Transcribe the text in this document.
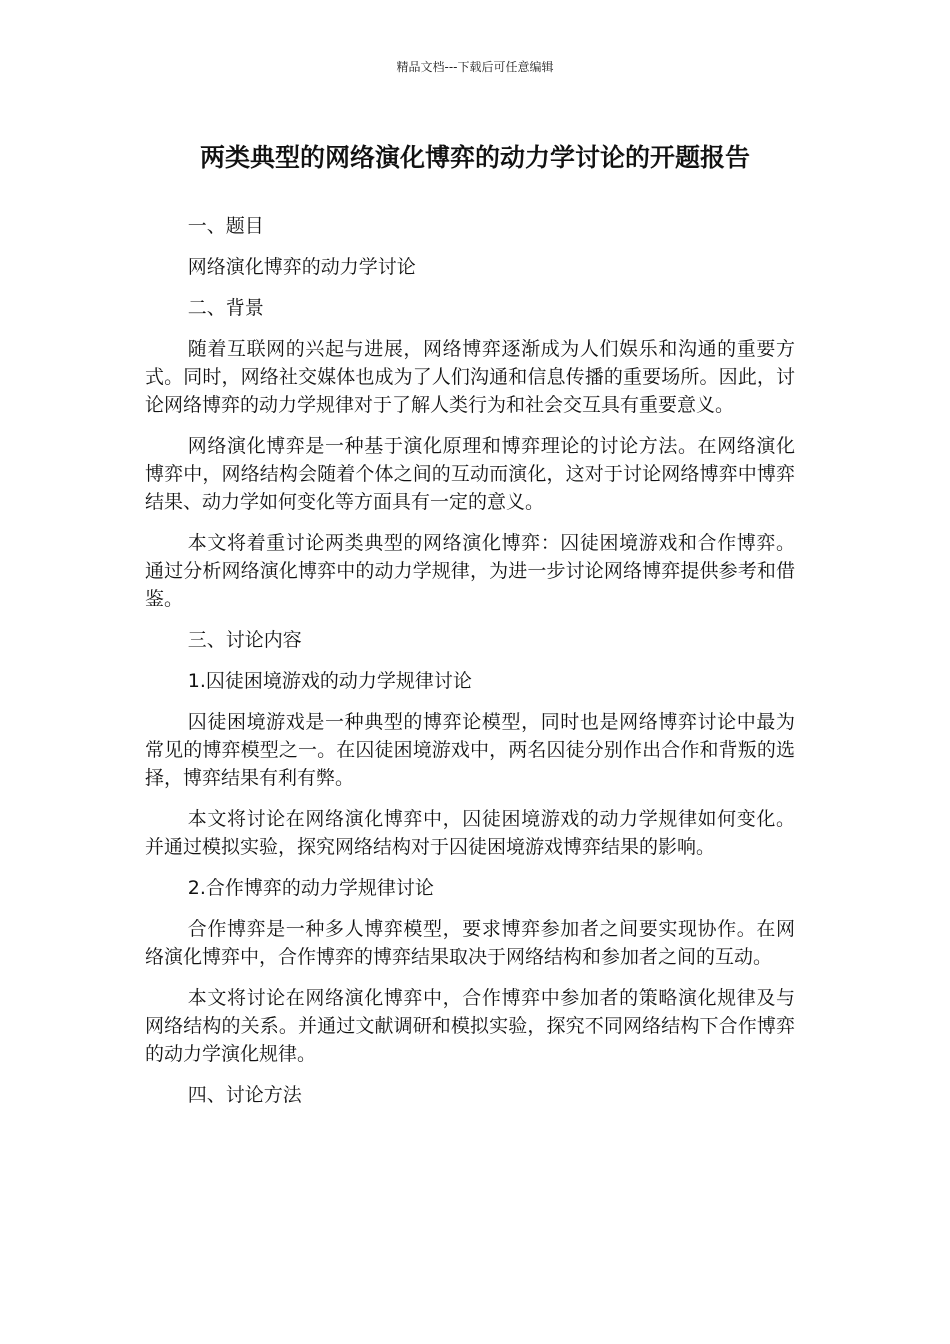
精品文档---下载后可任意编辑
两类典型的网络演化博弈的动力学讨论的开题报告

一、题目

网络演化博弈的动力学讨论

二、背景

随着互联网的兴起与进展，网络博弈逐渐成为人们娱乐和沟通的重要方式。同时，网络社交媒体也成为了人们沟通和信息传播的重要场所。因此，讨论网络博弈的动力学规律对于了解人类行为和社会交互具有重要意义。

网络演化博弈是一种基于演化原理和博弈理论的讨论方法。在网络演化博弈中，网络结构会随着个体之间的互动而演化，这对于讨论网络博弈中博弈结果、动力学如何变化等方面具有一定的意义。

本文将着重讨论两类典型的网络演化博弈：囚徒困境游戏和合作博弈。通过分析网络演化博弈中的动力学规律，为进一步讨论网络博弈提供参考和借鉴。

三、讨论内容

1.囚徒困境游戏的动力学规律讨论

囚徒困境游戏是一种典型的博弈论模型，同时也是网络博弈讨论中最为常见的博弈模型之一。在囚徒困境游戏中，两名囚徒分别作出合作和背叛的选择，博弈结果有利有弊。

本文将讨论在网络演化博弈中，囚徒困境游戏的动力学规律如何变化。并通过模拟实验，探究网络结构对于囚徒困境游戏博弈结果的影响。

2.合作博弈的动力学规律讨论

合作博弈是一种多人博弈模型，要求博弈参加者之间要实现协作。在网络演化博弈中，合作博弈的博弈结果取决于网络结构和参加者之间的互动。

本文将讨论在网络演化博弈中，合作博弈中参加者的策略演化规律及与网络结构的关系。并通过文献调研和模拟实验，探究不同网络结构下合作博弈的动力学演化规律。

四、讨论方法
